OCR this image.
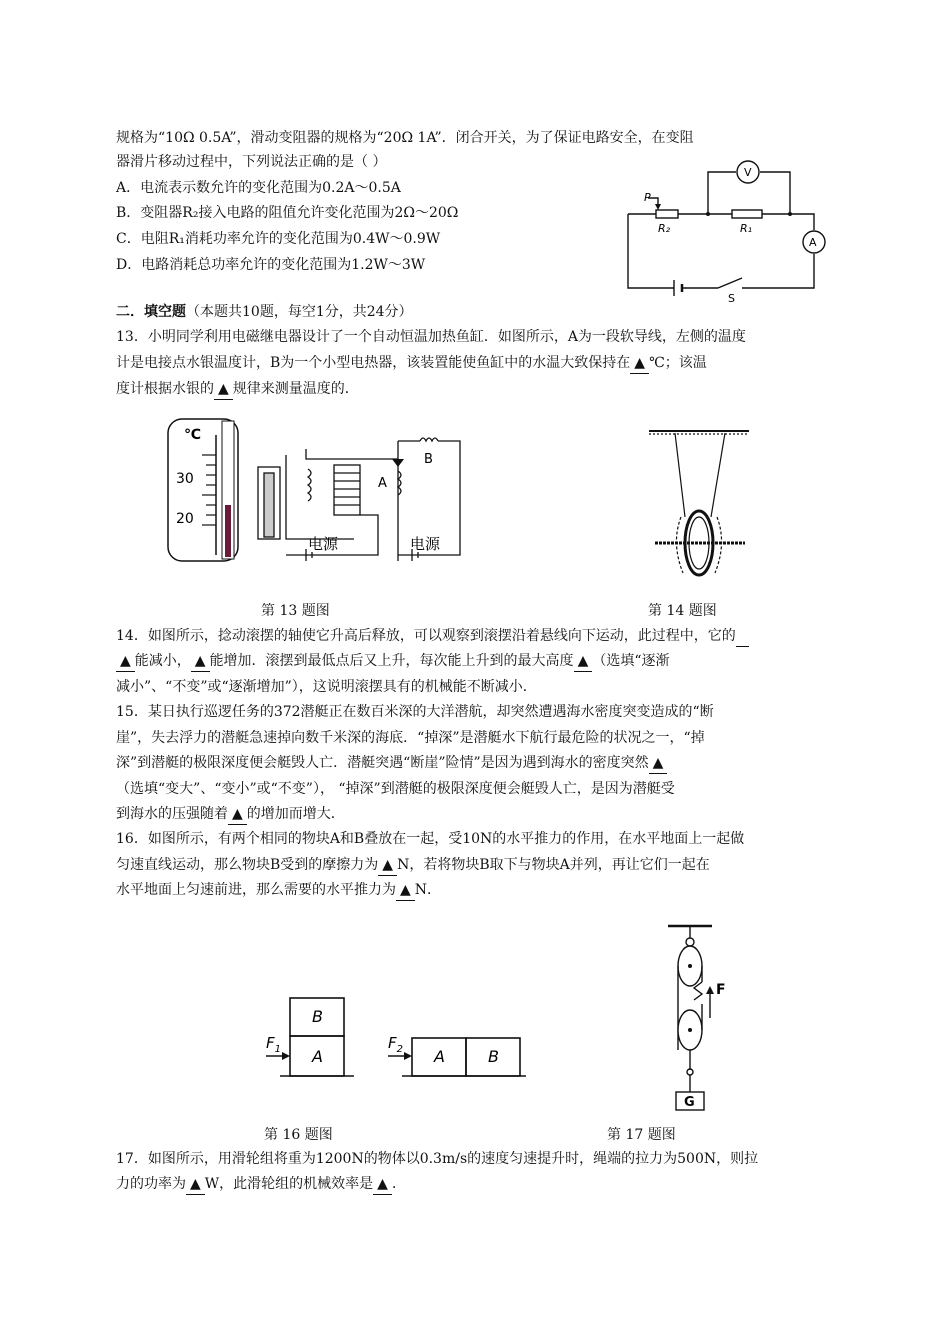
规格为“10Ω 0.5A”，滑动变阻器的规格为“20Ω 1A”．闭合开关，为了保证电路安全，在变阻
器滑片移动过程中，下列说法正确的是（ ）
A．电流表示数允许的变化范围为0.2A～0.5A
B．变阻器R₂接入电路的阻值允许变化范围为2Ω～20Ω
C．电阻R₁消耗功率允许的变化范围为0.4W～0.9W
D．电路消耗总功率允许的变化范围为1.2W～3W
P
R₂	R₁
V
A
S
二．填空题（本题共10题，每空1分，共24分）
13．小明同学利用电磁继电器设计了一个自动恒温加热鱼缸．如图所示，A为一段软导线，左侧的温度
计是电接点水银温度计，B为一个小型电热器，该装置能使鱼缸中的水温大致保持在 ▲ ℃；该温
度计根据水银的 ▲ 规律来测量温度的．
℃
30
20
A
B
电源	电源
第 13 题图	第 14 题图
14．如图所示，捻动滚摆的轴使它升高后释放，可以观察到滚摆沿着悬线向下运动，此过程中，它的
▲ 能减小， ▲ 能增加．滚摆到最低点后又上升，每次能上升到的最大高度 ▲ （选填“逐渐
减小”、“不变”或“逐渐增加”），这说明滚摆具有的机械能不断减小．
15．某日执行巡逻任务的372潜艇正在数百米深的大洋潜航，却突然遭遇海水密度突变造成的“断
崖”，失去浮力的潜艇急速掉向数千米深的海底．“掉深”是潜艇水下航行最危险的状况之一，“掉
深”到潜艇的极限深度便会艇毁人亡．潜艇突遇“断崖”险情”是因为遇到海水的密度突然 ▲
（选填“变大”、“变小”或“不变”）， “掉深”到潜艇的极限深度便会艇毁人亡，是因为潜艇受
到海水的压强随着 ▲ 的增加而增大．
16．如图所示，有两个相同的物块A和B叠放在一起，受10N的水平推力的作用，在水平地面上一起做
匀速直线运动，那么物块B受到的摩擦力为 ▲ N，若将物块B取下与物块A并列，再让它们一起在
水平地面上匀速前进，那么需要的水平推力为 ▲ N．
B
A	A	B
$F_1$	$F_2$
F
G
第 16 题图	第 17 题图
17．如图所示，用滑轮组将重为1200N的物体以0.3m/s的速度匀速提升时，绳端的拉力为500N，则拉
力的功率为 ▲ W，此滑轮组的机械效率是 ▲ ．
